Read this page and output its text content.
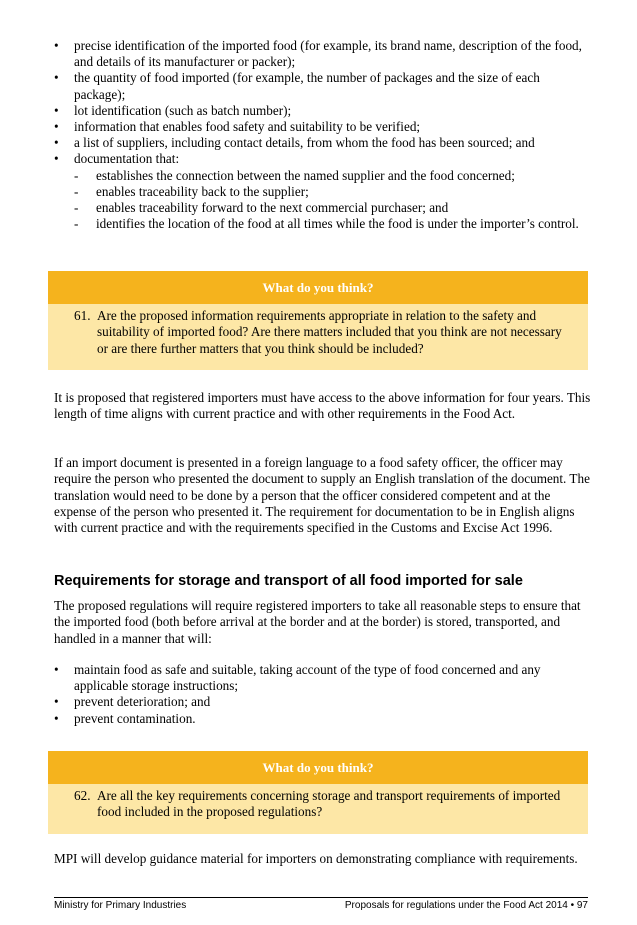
• precise identification of the imported food (for example, its brand name, description of the food, and details of its manufacturer or packer);
• the quantity of food imported (for example, the number of packages and the size of each package);
• lot identification (such as batch number);
• information that enables food safety and suitability to be verified;
• a list of suppliers, including contact details, from whom the food has been sourced; and
• documentation that:
- establishes the connection between the named supplier and the food concerned;
- enables traceability back to the supplier;
- enables traceability forward to the next commercial purchaser; and
- identifies the location of the food at all times while the food is under the importer’s control.
What do you think?
61. Are the proposed information requirements appropriate in relation to the safety and suitability of imported food? Are there matters included that you think are not necessary or are there further matters that you think should be included?
It is proposed that registered importers must have access to the above information for four years. This length of time aligns with current practice and with other requirements in the Food Act.
If an import document is presented in a foreign language to a food safety officer, the officer may require the person who presented the document to supply an English translation of the document. The translation would need to be done by a person that the officer considered competent and at the expense of the person who presented it. The requirement for documentation to be in English aligns with current practice and with the requirements specified in the Customs and Excise Act 1996.
Requirements for storage and transport of all food imported for sale
The proposed regulations will require registered importers to take all reasonable steps to ensure that the imported food (both before arrival at the border and at the border) is stored, transported, and handled in a manner that will:
• maintain food as safe and suitable, taking account of the type of food concerned and any applicable storage instructions;
• prevent deterioration; and
• prevent contamination.
What do you think?
62. Are all the key requirements concerning storage and transport requirements of imported food included in the proposed regulations?
MPI will develop guidance material for importers on demonstrating compliance with requirements.
Ministry for Primary Industries	Proposals for regulations under the Food Act 2014 • 97
